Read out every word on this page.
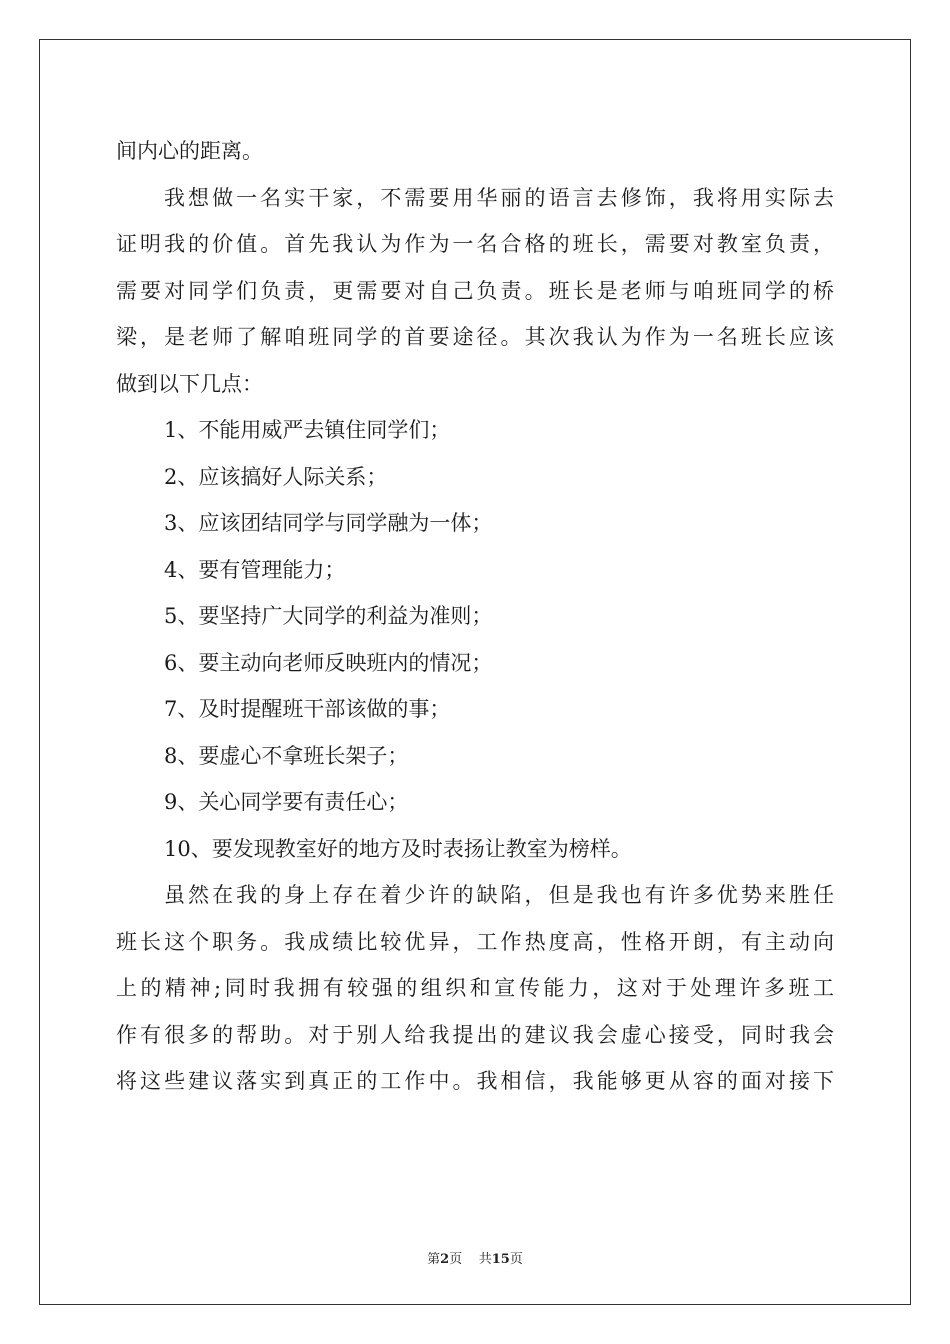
间内心的距离。
我想做一名实干家，不需要用华丽的语言去修饰，我将用实际去
证明我的价值。首先我认为作为一名合格的班长，需要对教室负责，
需要对同学们负责，更需要对自己负责。班长是老师与咱班同学的桥
梁，是老师了解咱班同学的首要途径。其次我认为作为一名班长应该
做到以下几点：
1、不能用威严去镇住同学们；
2、应该搞好人际关系；
3、应该团结同学与同学融为一体；
4、要有管理能力；
5、要坚持广大同学的利益为准则；
6、要主动向老师反映班内的情况；
7、及时提醒班干部该做的事；
8、要虚心不拿班长架子；
9、关心同学要有责任心；
10、要发现教室好的地方及时表扬让教室为榜样。
虽然在我的身上存在着少许的缺陷，但是我也有许多优势来胜任
班长这个职务。我成绩比较优异，工作热度高，性格开朗，有主动向
上的精神;同时我拥有较强的组织和宣传能力，这对于处理许多班工
作有很多的帮助。对于别人给我提出的建议我会虚心接受，同时我会
将这些建议落实到真正的工作中。我相信，我能够更从容的面对接下
第2页 共15页
